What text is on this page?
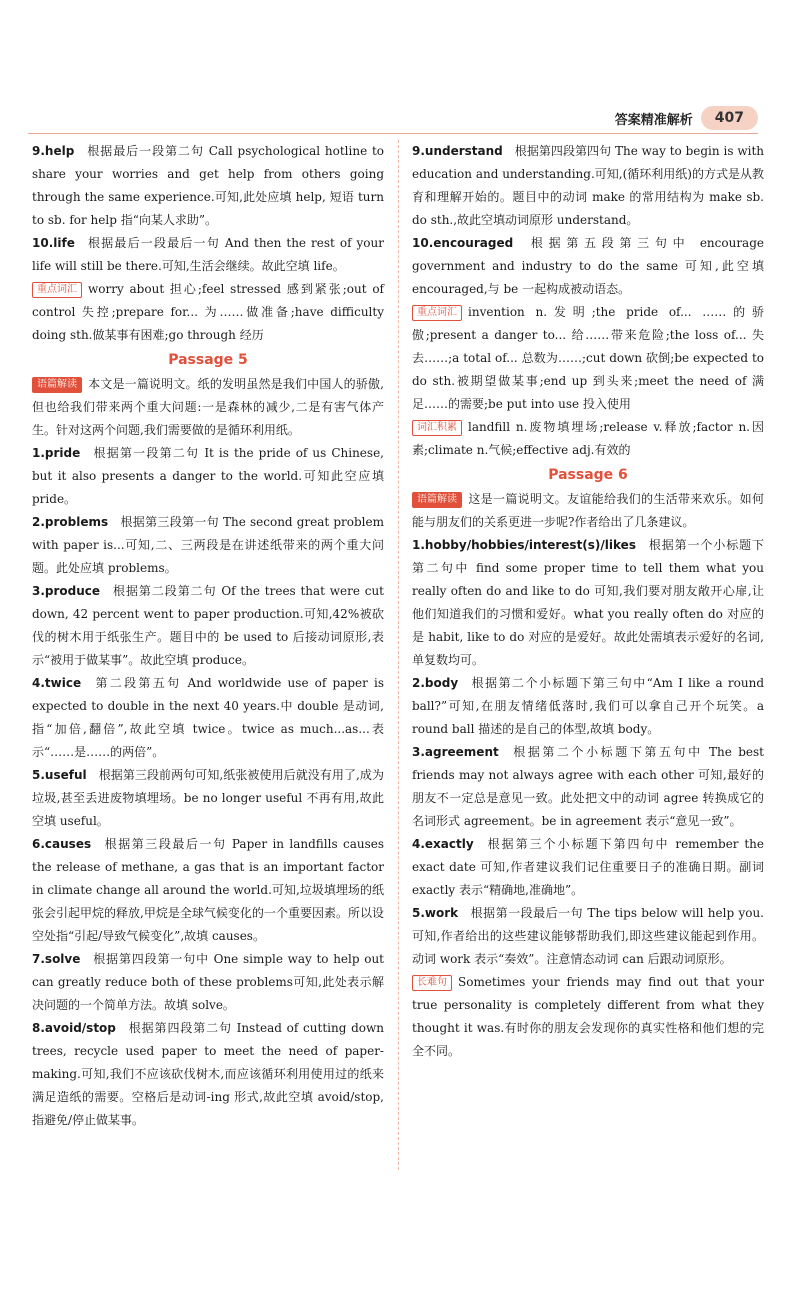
答案精准解析	407

9.help  根据最后一段第二句 Call psychological hotline to share your worries and get help from others going through the same experience.可知,此处应填 help, 短语 turn to sb. for help 指“向某人求助”。

10.life  根据最后一段最后一句 And then the rest of your life will still be there.可知,生活会继续。故此空填 life。

重点词汇 worry about 担心;feel stressed 感到紧张;out of control 失控;prepare for... 为……做准备;have difficulty doing sth.做某事有困难;go through 经历

Passage 5

语篇解读 本文是一篇说明文。纸的发明虽然是我们中国人的骄傲,但也给我们带来两个重大问题:一是森林的减少,二是有害气体产生。针对这两个问题,我们需要做的是循环利用纸。

1.pride  根据第一段第二句 It is the pride of us Chinese, but it also presents a danger to the world.可知此空应填 pride。

2.problems  根据第三段第一句 The second great problem with paper is...可知,二、三两段是在讲述纸带来的两个重大问题。此处应填 problems。

3.produce  根据第二段第二句 Of the trees that were cut down, 42 percent went to paper production.可知,42%被砍伐的树木用于纸张生产。题目中的 be used to 后接动词原形,表示“被用于做某事”。故此空填 produce。

4.twice  第二段第五句 And worldwide use of paper is expected to double in the next 40 years.中 double 是动词,指“加倍,翻倍”,故此空填 twice。twice as much...as...表示“……是……的两倍”。

5.useful  根据第三段前两句可知,纸张被使用后就没有用了,成为垃圾,甚至丢进废物填埋场。be no longer useful 不再有用,故此空填 useful。

6.causes  根据第三段最后一句 Paper in landfills causes the release of methane, a gas that is an important factor in climate change all around the world.可知,垃圾填埋场的纸张会引起甲烷的释放,甲烷是全球气候变化的一个重要因素。所以设空处指“引起/导致气候变化”,故填 causes。

7.solve  根据第四段第一句中 One simple way to help out can greatly reduce both of these problems可知,此处表示解决问题的一个简单方法。故填 solve。

8.avoid/stop  根据第四段第二句 Instead of cutting down trees, recycle used paper to meet the need of paper-making.可知,我们不应该砍伐树木,而应该循环利用使用过的纸来满足造纸的需要。空格后是动词-ing 形式,故此空填 avoid/stop,指避免/停止做某事。

9.understand  根据第四段第四句 The way to begin is with education and understanding.可知,(循环利用纸)的方式是从教育和理解开始的。题目中的动词 make 的常用结构为 make sb. do sth.,故此空填动词原形 understand。

10.encouraged  根据第五段第三句中 encourage government and industry to do the same 可知,此空填 encouraged,与 be 一起构成被动语态。

重点词汇 invention n.发明;the pride of... ……的骄傲;present a danger to... 给……带来危险;the loss of... 失去……;a total of... 总数为……;cut down 砍倒;be expected to do sth.被期望做某事;end up 到头来;meet the need of 满足……的需要;be put into use 投入使用

词汇积累 landfill n.废物填埋场;release v.释放;factor n.因素;climate n.气候;effective adj.有效的

Passage 6

语篇解读 这是一篇说明文。友谊能给我们的生活带来欢乐。如何能与朋友们的关系更进一步呢?作者给出了几条建议。

1.hobby/hobbies/interest(s)/likes  根据第一个小标题下第二句中 find some proper time to tell them what you really often do and like to do 可知,我们要对朋友敞开心扉,让他们知道我们的习惯和爱好。what you really often do 对应的是 habit, like to do 对应的是爱好。故此处需填表示爱好的名词,单复数均可。

2.body  根据第二个小标题下第三句中“Am I like a round ball?”可知,在朋友情绪低落时,我们可以拿自己开个玩笑。a round ball 描述的是自己的体型,故填 body。

3.agreement  根据第二个小标题下第五句中 The best friends may not always agree with each other 可知,最好的朋友不一定总是意见一致。此处把文中的动词 agree 转换成它的名词形式 agreement。be in agreement 表示“意见一致”。

4.exactly  根据第三个小标题下第四句中 remember the exact date 可知,作者建议我们记住重要日子的准确日期。副词 exactly 表示“精确地,准确地”。

5.work  根据第一段最后一句 The tips below will help you.可知,作者给出的这些建议能够帮助我们,即这些建议能起到作用。动词 work 表示“奏效”。注意情态动词 can 后跟动词原形。

长难句 Sometimes your friends may find out that your true personality is completely different from what they thought it was.有时你的朋友会发现你的真实性格和他们想的完全不同。
